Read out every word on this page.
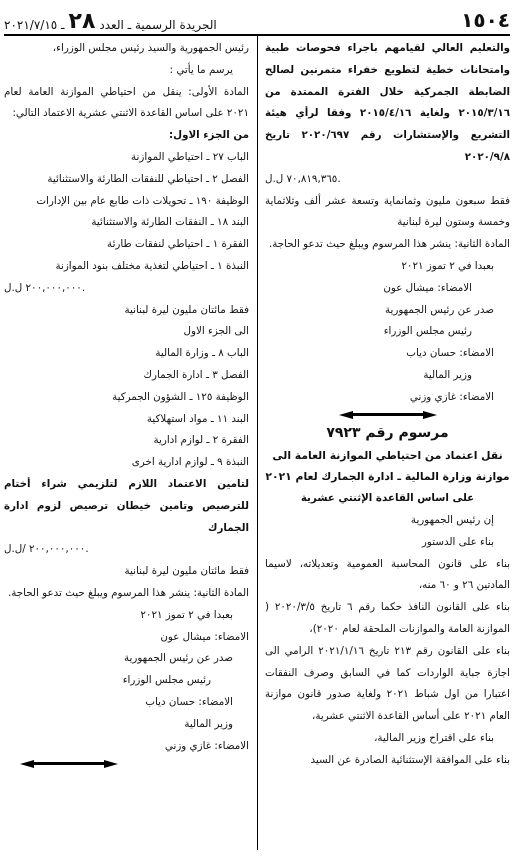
١٥٠٤
الجريدة الرسمية ـ العدد
٢٨
ـ ٢٠٢١/٧/١٥

والتعليم العالي لقيامهم باجراء فحوصات طبية وامتحانات خطية لتطويع خفراء متمرنين لصالح الضابطة الجمركية خلال الفترة الممتدة من ٢٠١٥/٣/١٦ ولغاية ٢٠١٥/٤/١٦ وفقا لرأي هيئة التشريع والإستشارات رقم ٢٠٢٠/٦٩٧ تاريخ ٢٠٢٠/٩/٨

٧٠,٨١٩,٣٦٥ ل.ل.

فقط سبعون مليون وثمانماية وتسعة عشر ألف وثلاثماية وخمسة وستون ليرة لبنانية

المادة الثانية: ينشر هذا المرسوم ويبلغ حيث تدعو الحاجة.

بعبدا في ٢ تموز ٢٠٢١

الامضاء: ميشال عون

صدر عن رئيس الجمهورية

رئيس مجلس الوزراء

الامضاء: حسان دياب

وزير المالية

الامضاء: غازي وزني

مرسوم رقم ٧٩٢٣

نقل اعتماد من احتياطي الموازنة العامة الى موازنة وزارة المالية ـ ادارة الجمارك لعام ٢٠٢١

على اساس القاعدة الإثنتي عشرية

إن رئيس الجمهورية

بناء على الدستور

بناء على قانون المحاسبة العمومية وتعديلاته، لاسيما المادتين ٢٦ و ٦٠ منه،

بناء على القانون النافذ حكما رقم ٦ تاريخ ٢٠٢٠/٣/٥ ( الموازنة العامة والموازنات الملحقة لعام ٢٠٢٠)،

بناء على القانون رقم ٢١٣ تاريخ ٢٠٢١/١/١٦ الرامي الى اجازة جباية الواردات كما في السابق وصرف النفقات اعتبارا من اول شباط ٢٠٢١ ولغاية صدور قانون موازنة العام ٢٠٢١ على أساس القاعدة الاثنتي عشرية،

بناء على اقتراح وزير المالية،

بناء على الموافقة الإستثنائية الصادرة عن السيد

رئيس الجمهورية والسيد رئيس مجلس الوزراء،

يرسم ما يأتي :

المادة الأولى: ينقل من احتياطي الموازنة العامة لعام ٢٠٢١ على اساس القاعدة الاثنتي عشرية الاعتماد التالي:

من الجزء الاول:

الباب ٢٧ ـ احتياطي الموازنة

الفصل ٢ ـ احتياطي للنفقات الطارئة والاستثنائية

الوظيفة ١٩٠ ـ تحويلات ذات طابع عام بين الإدارات

البند ١٨ ـ النفقات الطارئة والاستثنائية

الفقرة ١ ـ احتياطي لنفقات طارئة

النبذة ١ ـ احتياطي لتغذية مختلف بنود الموازنة

٢٠٠,٠٠٠,٠٠٠ ل.ل.

فقط مائتان مليون ليرة لبنانية

الى الجزء الاول

الباب ٨ ـ وزارة المالية

الفصل ٣ ـ ادارة الجمارك

الوظيفة ١٢٥ ـ الشؤون الجمركية

البند ١١ ـ مواد استهلاكية

الفقرة ٢ ـ لوازم ادارية

النبذة ٩ ـ لوازم ادارية اخرى

لتامين الاعتماد اللازم لتلزيمي شراء أختام للترصيص وتامين خيطان ترصيص لزوم ادارة الجمارك

٢٠٠,٠٠٠,٠٠٠ /ل.ل.

فقط مائتان مليون ليرة لبنانية

المادة الثانية: ينشر هذا المرسوم ويبلغ حيث تدعو الحاجة.

بعبدا في ٢ تموز ٢٠٢١

الامضاء: ميشال عون

صدر عن رئيس الجمهورية

رئيس مجلس الوزراء

الامضاء: حسان دياب

وزير المالية

الامضاء: غازي وزني
